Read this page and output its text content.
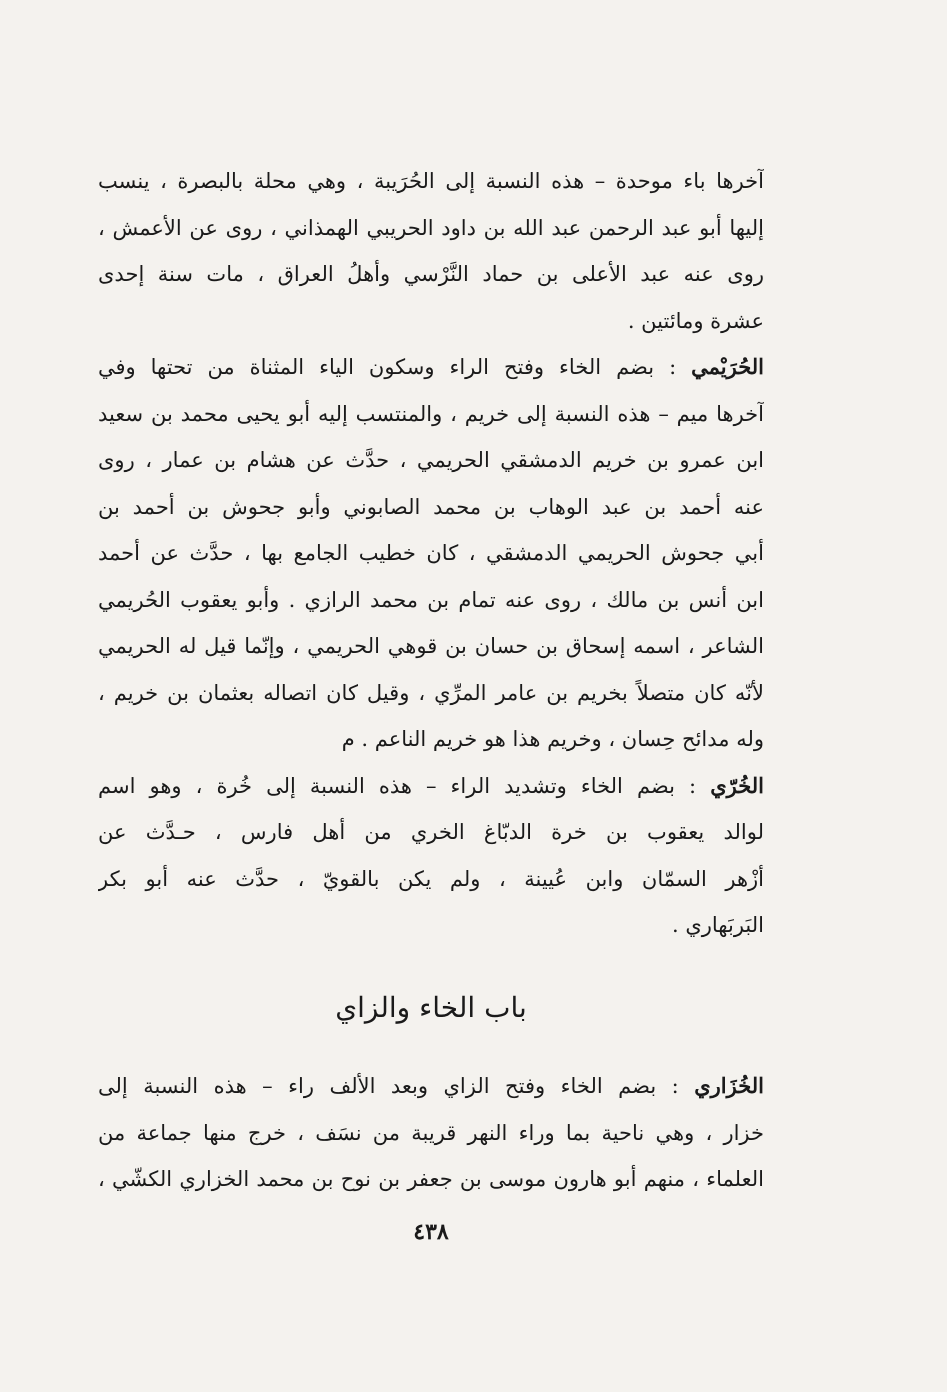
آخرها باء موحدة – هذه النسبة إلى الحُرَيبة ، وهي محلة بالبصرة ، ينسب
إليها أبو عبد الرحمن عبد الله بن داود الحريبي الهمذاني ، روى عن الأعمش ،
روى عنه عبد الأعلى بن حماد النَّرْسي وأهلُ العراق ، مات سنة إحدى
عشرة ومائتين .
الحُرَيْمي : بضم الخاء وفتح الراء وسكون الياء المثناة من تحتها وفي
آخرها ميم – هذه النسبة إلى خريم ، والمنتسب إليه أبو يحيى محمد بن سعيد
ابن عمرو بن خريم الدمشقي الحريمي ، حدَّث عن هشام بن عمار ، روى
عنه أحمد بن عبد الوهاب بن محمد الصابوني وأبو جحوش بن أحمد بن
أبي جحوش الحريمي الدمشقي ، كان خطيب الجامع بها ، حدَّث عن أحمد
ابن أنس بن مالك ، روى عنه تمام بن محمد الرازي . وأبو يعقوب الحُريمي
الشاعر ، اسمه إسحاق بن حسان بن قوهي الحريمي ، وإنّما قيل له الحريمي
لأنّه كان متصلاً بخريم بن عامر المرِّي ، وقيل كان اتصاله بعثمان بن خريم ،
وله مدائح حِسان ، وخريم هذا هو خريم الناعم . م
الخُرّي : بضم الخاء وتشديد الراء – هذه النسبة إلى خُرة ، وهو اسم
لوالد يعقوب بن خرة الدبّاغ الخري من أهل فارس ، حـدَّث عن
أزْهر السمّان وابن عُيينة ، ولم يكن بالقويّ ، حدَّث عنه أبو بكر
البَربَهاري .
باب الخاء والزاي
الخُزَاري : بضم الخاء وفتح الزاي وبعد الألف راء – هذه النسبة إلى
خزار ، وهي ناحية بما وراء النهر قريبة من نسَف ، خرج منها جماعة من
العلماء ، منهم أبو هارون موسى بن جعفر بن نوح بن محمد الخزاري الكشّي ،
٤٣٨
